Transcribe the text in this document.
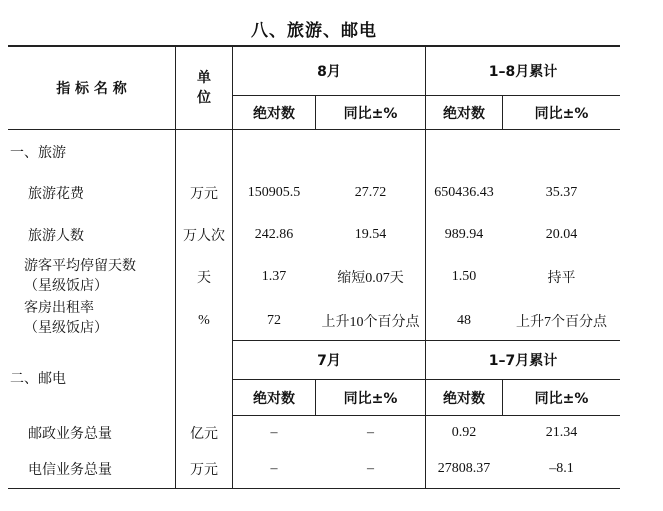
八、旅游、邮电
指 标 名 称
单
位
8月	1–8月累计
绝对数	同比±%	绝对数	同比±%
一、旅游
旅游花费	万元	150905.5	27.72	650436.43	35.37
旅游人数	万人次	242.86	19.54	989.94	20.04
游客平均停留天数
（星级饭店）	天	1.37	缩短0.07天	1.50	持平
客房出租率
（星级饭店）	%	72	上升10个百分点	48	上升7个百分点
二、邮电
7月	1–7月累计
绝对数	同比±%	绝对数	同比±%
邮政业务总量	亿元	–	–	0.92	21.34
电信业务总量	万元	–	–	27808.37	–8.1
